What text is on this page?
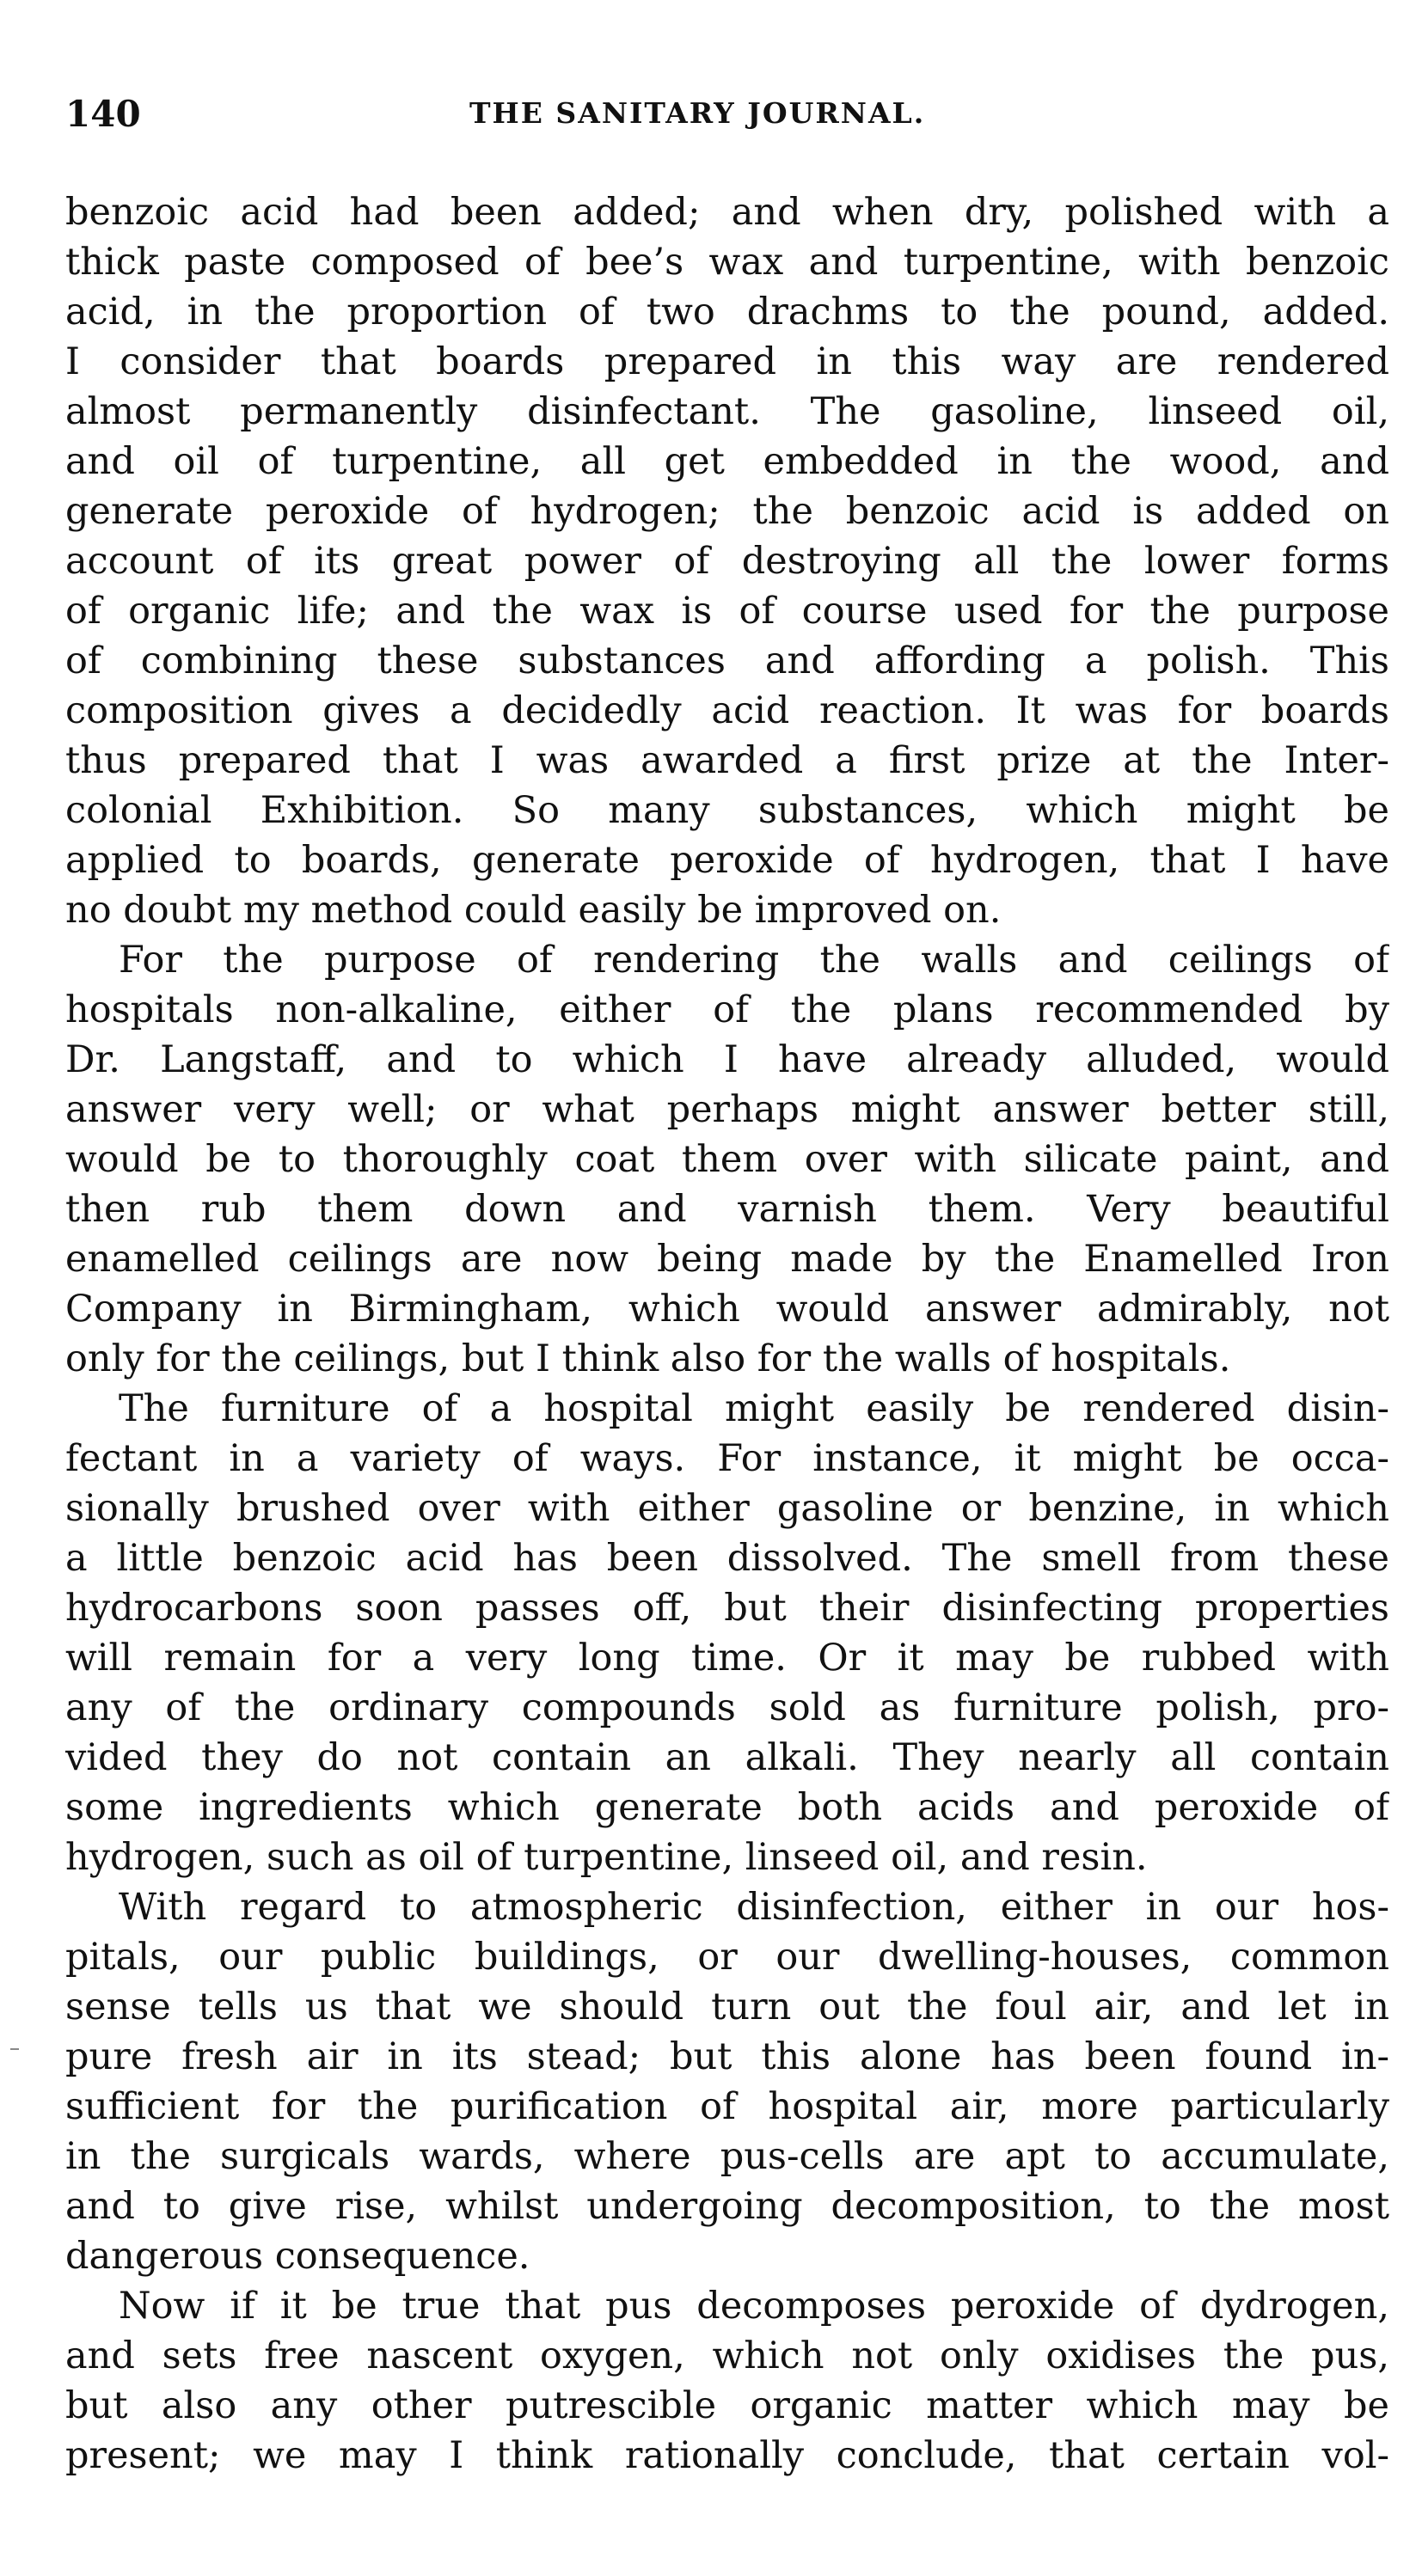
140	THE SANITARY JOURNAL.
benzoic acid had been added; and when dry, polished with a
thick paste composed of bee’s wax and turpentine, with benzoic
acid, in the proportion of two drachms to the pound, added.
I consider that boards prepared in this way are rendered
almost permanently disinfectant. The gasoline, linseed oil,
and oil of turpentine, all get embedded in the wood, and
generate peroxide of hydrogen; the benzoic acid is added on
account of its great power of destroying all the lower forms
of organic life; and the wax is of course used for the purpose
of combining these substances and affording a polish. This
composition gives a decidedly acid reaction. It was for boards
thus prepared that I was awarded a first prize at the Inter-
colonial Exhibition. So many substances, which might be
applied to boards, generate peroxide of hydrogen, that I have
no doubt my method could easily be improved on.
For the purpose of rendering the walls and ceilings of
hospitals non-alkaline, either of the plans recommended by
Dr. Langstaff, and to which I have already alluded, would
answer very well; or what perhaps might answer better still,
would be to thoroughly coat them over with silicate paint, and
then rub them down and varnish them. Very beautiful
enamelled ceilings are now being made by the Enamelled Iron
Company in Birmingham, which would answer admirably, not
only for the ceilings, but I think also for the walls of hospitals.
The furniture of a hospital might easily be rendered disin-
fectant in a variety of ways. For instance, it might be occa-
sionally brushed over with either gasoline or benzine, in which
a little benzoic acid has been dissolved. The smell from these
hydrocarbons soon passes off, but their disinfecting properties
will remain for a very long time. Or it may be rubbed with
any of the ordinary compounds sold as furniture polish, pro-
vided they do not contain an alkali. They nearly all contain
some ingredients which generate both acids and peroxide of
hydrogen, such as oil of turpentine, linseed oil, and resin.
With regard to atmospheric disinfection, either in our hos-
pitals, our public buildings, or our dwelling-houses, common
sense tells us that we should turn out the foul air, and let in
pure fresh air in its stead; but this alone has been found in-
sufficient for the purification of hospital air, more particularly
in the surgicals wards, where pus-cells are apt to accumulate,
and to give rise, whilst undergoing decomposition, to the most
dangerous consequence.
Now if it be true that pus decomposes peroxide of dydrogen,
and sets free nascent oxygen, which not only oxidises the pus,
but also any other putrescible organic matter which may be
present; we may I think rationally conclude, that certain vol-
